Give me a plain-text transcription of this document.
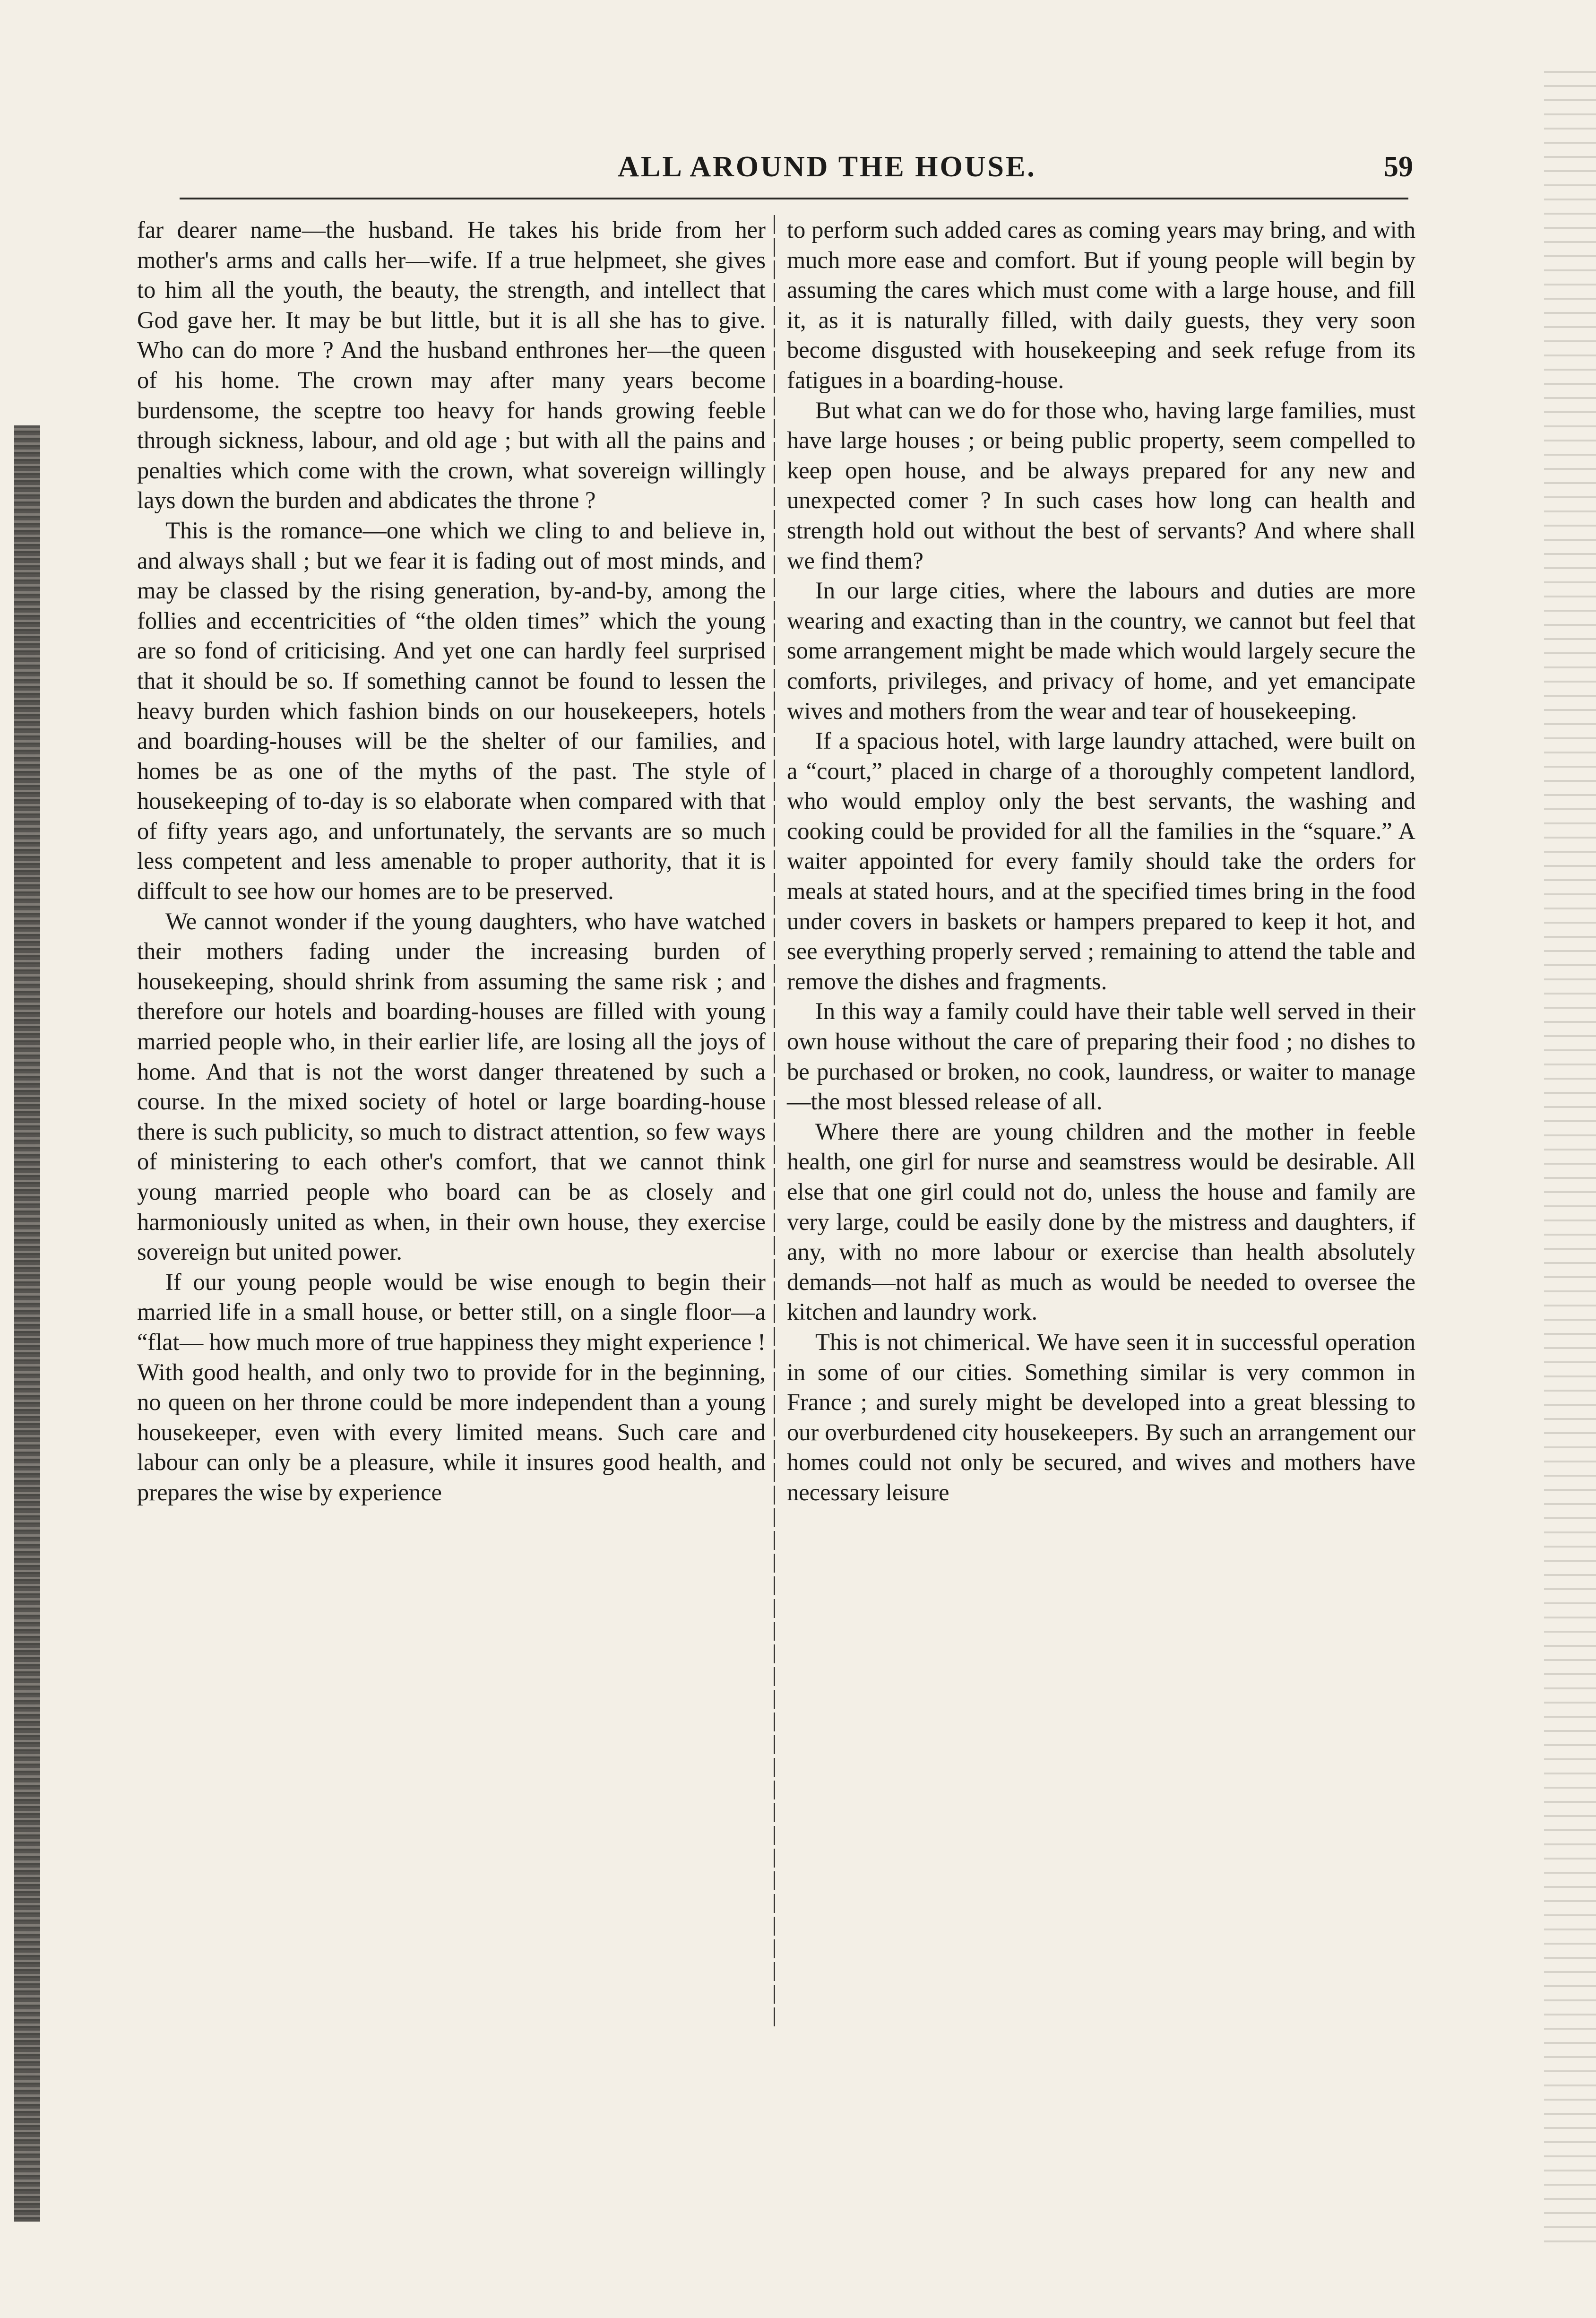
ALL AROUND THE HOUSE.	59

far dearer name—the husband. He takes his bride from her mother's arms and calls her—wife. If a true helpmeet, she gives to him all the youth, the beauty, the strength, and intellect that God gave her. It may be but little, but it is all she has to give. Who can do more ? And the husband enthrones her—the queen of his home. The crown may after many years become burdensome, the sceptre too heavy for hands growing feeble through sickness, labour, and old age ; but with all the pains and penalties which come with the crown, what sovereign willingly lays down the burden and abdicates the throne ?

This is the romance—one which we cling to and believe in, and always shall ; but we fear it is fading out of most minds, and may be classed by the rising generation, by-and-by, among the follies and eccentricities of “the olden times” which the young are so fond of criticising. And yet one can hardly feel surprised that it should be so. If something cannot be found to lessen the heavy burden which fashion binds on our housekeepers, hotels and boarding-houses will be the shelter of our families, and homes be as one of the myths of the past. The style of housekeeping of to-day is so elaborate when compared with that of fifty years ago, and unfortunately, the servants are so much less competent and less amenable to proper authority, that it is diffcult to see how our homes are to be preserved.

We cannot wonder if the young daughters, who have watched their mothers fading under the increasing burden of housekeeping, should shrink from assuming the same risk ; and therefore our hotels and boarding-houses are filled with young married people who, in their earlier life, are losing all the joys of home. And that is not the worst danger threatened by such a course. In the mixed society of hotel or large boarding-house there is such publicity, so much to distract attention, so few ways of ministering to each other's comfort, that we cannot think young married people who board can be as closely and harmoniously united as when, in their own house, they exercise sovereign but united power.

If our young people would be wise enough to begin their married life in a small house, or better still, on a single floor—a “flat— how much more of true happiness they might experience ! With good health, and only two to provide for in the beginning, no queen on her throne could be more independent than a young housekeeper, even with every limited means. Such care and labour can only be a pleasure, while it insures good health, and prepares the wise by experience

to perform such added cares as coming years may bring, and with much more ease and comfort. But if young people will begin by assuming the cares which must come with a large house, and fill it, as it is naturally filled, with daily guests, they very soon become disgusted with housekeeping and seek refuge from its fatigues in a boarding-house.

But what can we do for those who, having large families, must have large houses ; or being public property, seem compelled to keep open house, and be always prepared for any new and unexpected comer ? In such cases how long can health and strength hold out without the best of servants? And where shall we find them?

In our large cities, where the labours and duties are more wearing and exacting than in the country, we cannot but feel that some arrangement might be made which would largely secure the comforts, privileges, and privacy of home, and yet emancipate wives and mothers from the wear and tear of housekeeping.

If a spacious hotel, with large laundry attached, were built on a “court,” placed in charge of a thoroughly competent landlord, who would employ only the best servants, the washing and cooking could be provided for all the families in the “square.” A waiter appointed for every family should take the orders for meals at stated hours, and at the specified times bring in the food under covers in baskets or hampers prepared to keep it hot, and see everything properly served ; remaining to attend the table and remove the dishes and fragments.

In this way a family could have their table well served in their own house without the care of preparing their food ; no dishes to be purchased or broken, no cook, laundress, or waiter to manage—the most blessed release of all.

Where there are young children and the mother in feeble health, one girl for nurse and seamstress would be desirable. All else that one girl could not do, unless the house and family are very large, could be easily done by the mistress and daughters, if any, with no more labour or exercise than health absolutely demands—not half as much as would be needed to oversee the kitchen and laundry work.

This is not chimerical. We have seen it in successful operation in some of our cities. Something similar is very common in France ; and surely might be developed into a great blessing to our overburdened city housekeepers. By such an arrangement our homes could not only be secured, and wives and mothers have necessary leisure
